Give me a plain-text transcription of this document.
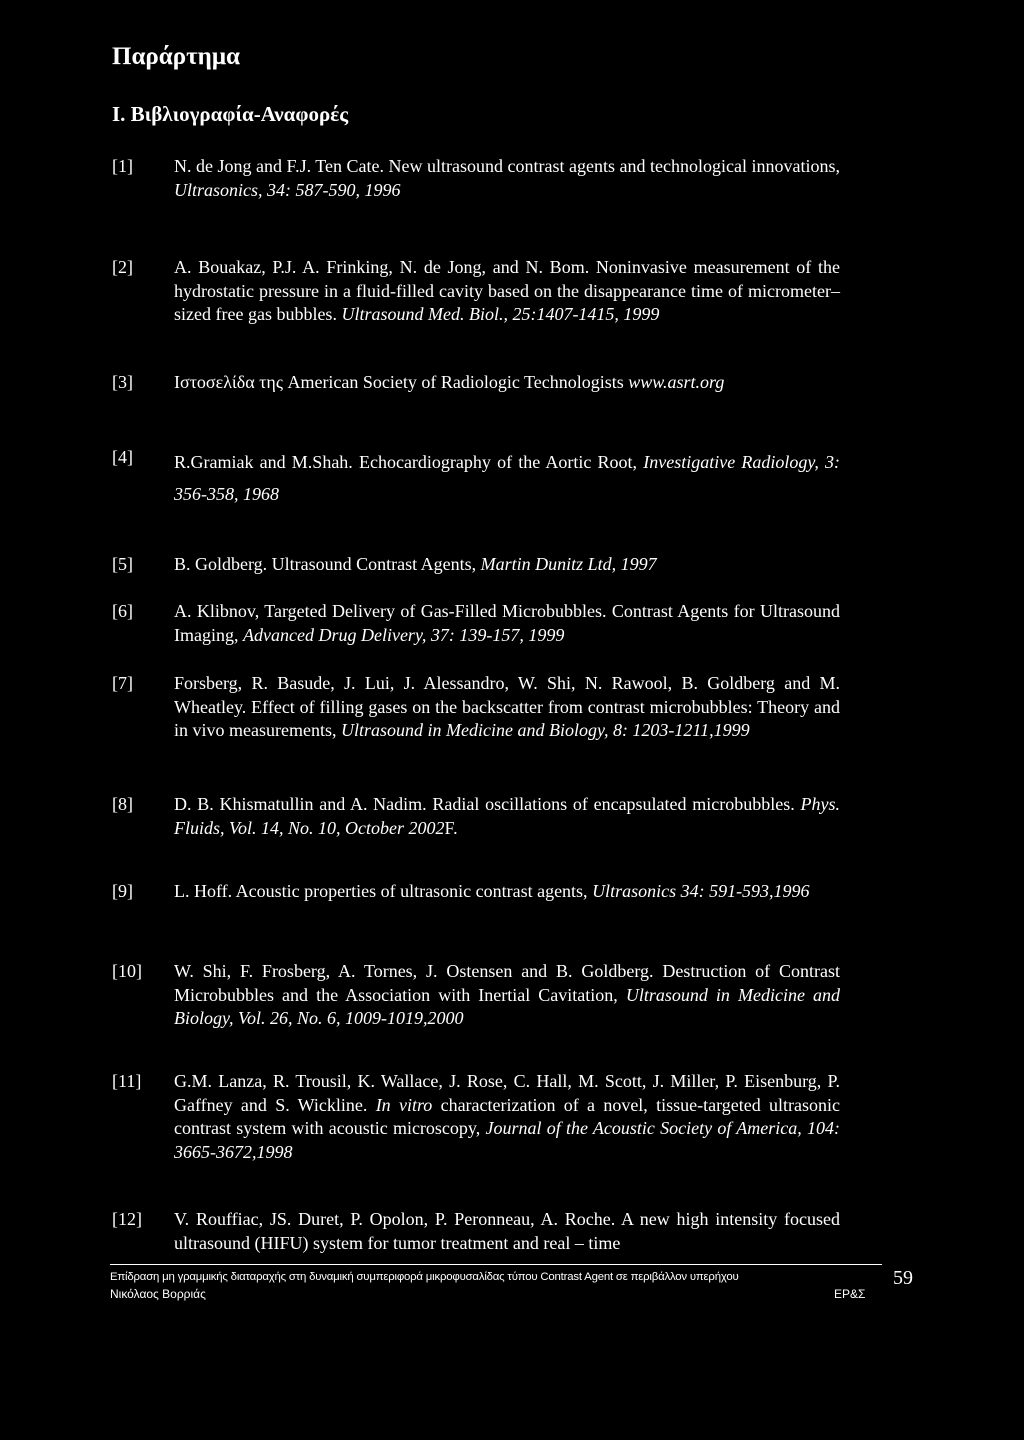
Παράρτημα
I. Βιβλιογραφία-Αναφορές
[1]	N. de Jong and F.J. Ten Cate. New ultrasound contrast agents and technological innovations, Ultrasonics, 34: 587-590, 1996
[2]	A. Bouakaz, P.J. A. Frinking, N. de Jong, and N. Bom. Noninvasive measurement of the hydrostatic pressure in a fluid-filled cavity based on the disappearance time of micrometer–sized free gas bubbles. Ultrasound Med. Biol., 25:1407-1415, 1999
[3]	Ιστοσελίδα της American Society of Radiologic Technologists www.asrt.org
[4]	R.Gramiak and M.Shah. Echocardiography of the Aortic Root, Investigative Radiology, 3: 356-358, 1968
[5]	B. Goldberg. Ultrasound Contrast Agents, Martin Dunitz Ltd, 1997
[6]	A. Klibnov, Targeted Delivery of Gas-Filled Microbubbles. Contrast Agents for Ultrasound Imaging, Advanced Drug Delivery, 37: 139-157, 1999
[7]	Forsberg, R. Basude, J. Lui, J. Alessandro, W. Shi, N. Rawool, B. Goldberg and M. Wheatley. Effect of filling gases on the backscatter from contrast microbubbles: Theory and in vivo measurements, Ultrasound in Medicine and Biology, 8: 1203-1211,1999
[8]	D. B. Khismatullin and A. Nadim. Radial oscillations of encapsulated microbubbles. Phys. Fluids, Vol. 14, No. 10, October 2002F.
[9]	L. Hoff. Acoustic properties of ultrasonic contrast agents, Ultrasonics 34: 591-593,1996
[10]	W. Shi, F. Frosberg, A. Tornes, J. Ostensen and B. Goldberg. Destruction of Contrast Microbubbles and the Association with Inertial Cavitation, Ultrasound in Medicine and Biology, Vol. 26, No. 6, 1009-1019,2000
[11]	G.M. Lanza, R. Trousil, K. Wallace, J. Rose, C. Hall, M. Scott, J. Miller, P. Eisenburg, P. Gaffney and S. Wickline. In vitro characterization of a novel, tissue-targeted ultrasonic contrast system with acoustic microscopy, Journal of the Acoustic Society of America, 104: 3665-3672,1998
[12]	V. Rouffiac, JS. Duret, P. Opolon, P. Peronneau, A. Roche. A new high intensity focused ultrasound (HIFU) system for tumor treatment and real – time
Επίδραση μη γραμμικής διαταραχής στη δυναμική συμπεριφορά μικροφυσαλίδας τύπου Contrast Agent σε περιβάλλον υπερήχου
Νικόλαος Βορριάς	ΕΡ&Σ
59
